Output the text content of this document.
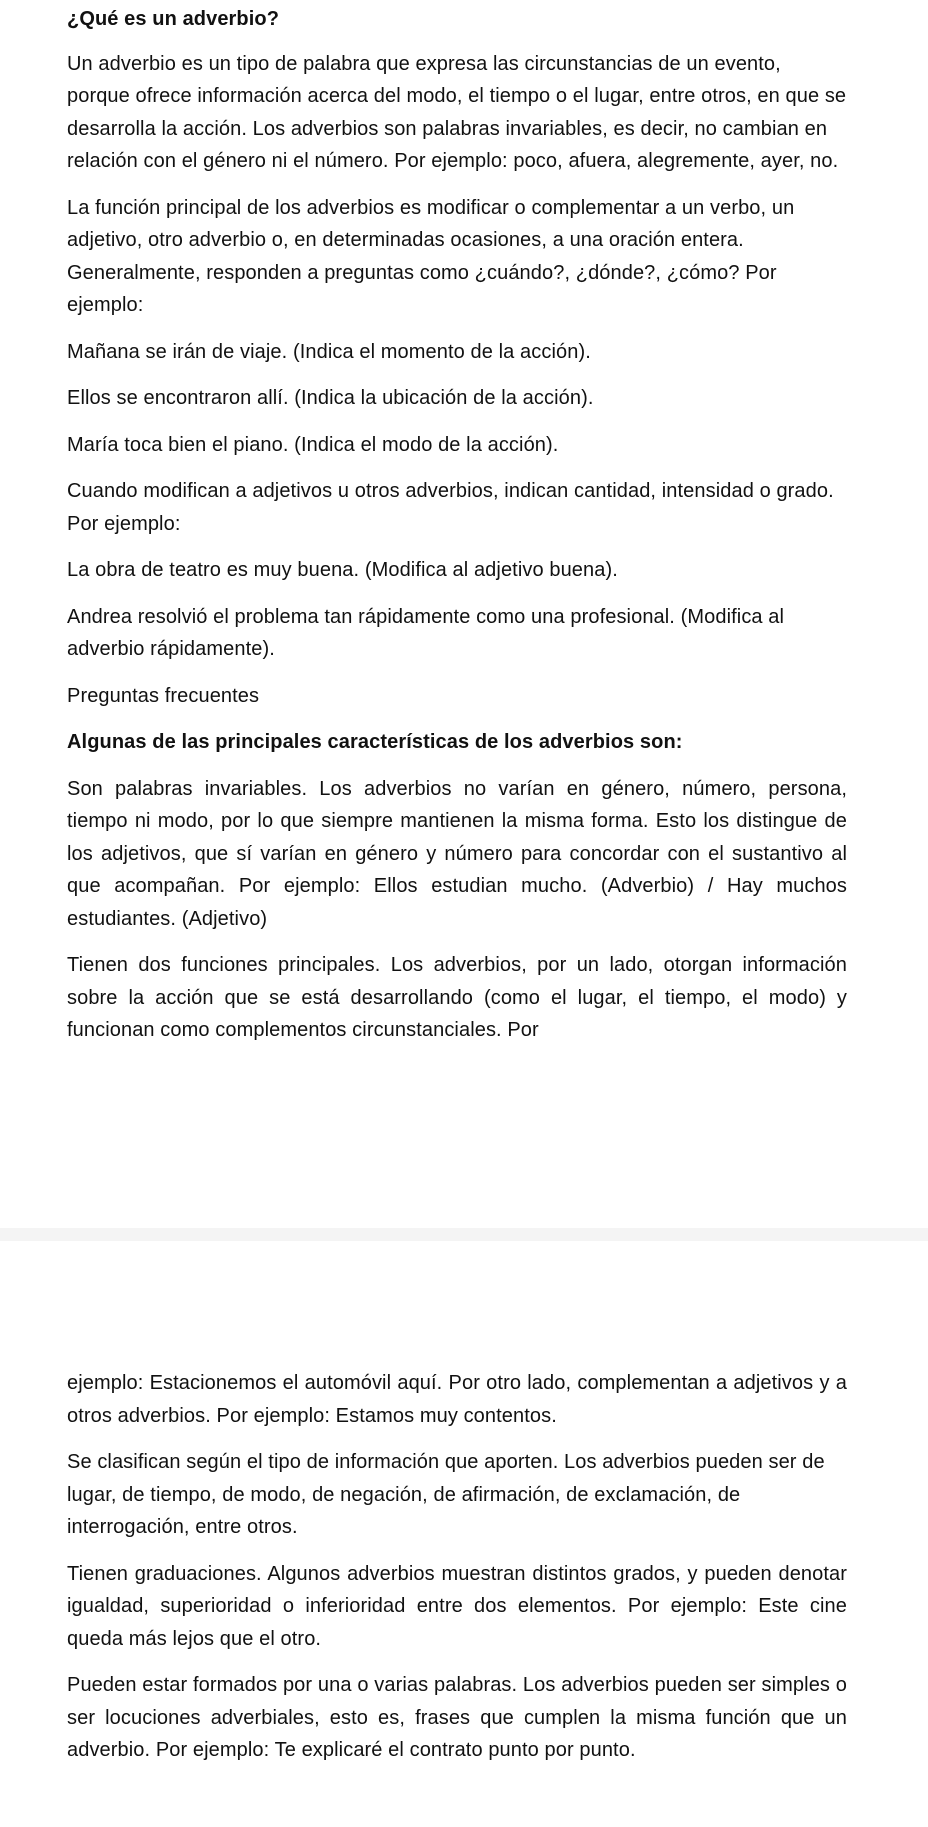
¿Qué es un adverbio?

Un adverbio es un tipo de palabra que expresa las circunstancias de un evento, porque ofrece información acerca del modo, el tiempo o el lugar, entre otros, en que se desarrolla la acción. Los adverbios son palabras invariables, es decir, no cambian en relación con el género ni el número. Por ejemplo: poco, afuera, alegremente, ayer, no.

La función principal de los adverbios es modificar o complementar a un verbo, un adjetivo, otro adverbio o, en determinadas ocasiones, a una oración entera. Generalmente, responden a preguntas como ¿cuándo?, ¿dónde?, ¿cómo? Por ejemplo:

Mañana se irán de viaje. (Indica el momento de la acción).

Ellos se encontraron allí. (Indica la ubicación de la acción).

María toca bien el piano. (Indica el modo de la acción).

Cuando modifican a adjetivos u otros adverbios, indican cantidad, intensidad o grado. Por ejemplo:

La obra de teatro es muy buena. (Modifica al adjetivo buena).

Andrea resolvió el problema tan rápidamente como una profesional. (Modifica al adverbio rápidamente).

Preguntas frecuentes

Algunas de las principales características de los adverbios son:

Son palabras invariables. Los adverbios no varían en género, número, persona, tiempo ni modo, por lo que siempre mantienen la misma forma. Esto los distingue de los adjetivos, que sí varían en género y número para concordar con el sustantivo al que acompañan. Por ejemplo: Ellos estudian mucho. (Adverbio) / Hay muchos estudiantes. (Adjetivo)

Tienen dos funciones principales. Los adverbios, por un lado, otorgan información sobre la acción que se está desarrollando (como el lugar, el tiempo, el modo) y funcionan como complementos circunstanciales. Por

ejemplo: Estacionemos el automóvil aquí. Por otro lado, complementan a adjetivos y a otros adverbios. Por ejemplo: Estamos muy contentos.

Se clasifican según el tipo de información que aporten. Los adverbios pueden ser de lugar, de tiempo, de modo, de negación, de afirmación, de exclamación, de interrogación, entre otros.

Tienen graduaciones. Algunos adverbios muestran distintos grados, y pueden denotar igualdad, superioridad o inferioridad entre dos elementos. Por ejemplo: Este cine queda más lejos que el otro.

Pueden estar formados por una o varias palabras. Los adverbios pueden ser simples o ser locuciones adverbiales, esto es, frases que cumplen la misma función que un adverbio. Por ejemplo: Te explicaré el contrato punto por punto.
